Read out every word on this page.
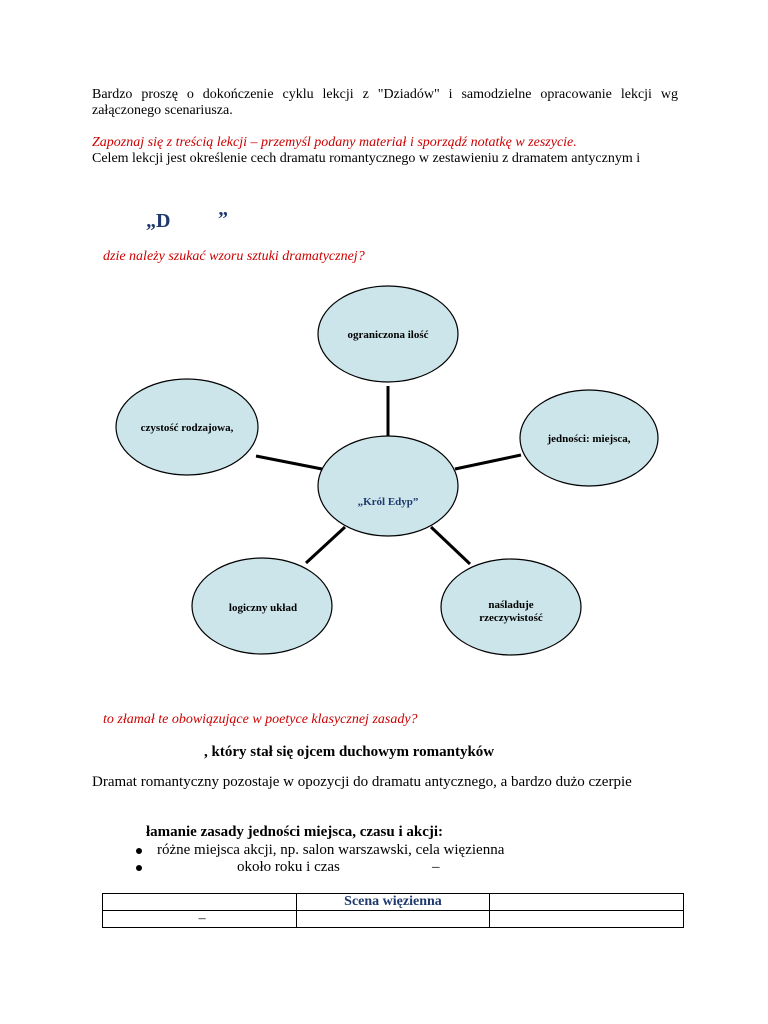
Bardzo proszę o dokończenie cyklu lekcji z "Dziadów" i samodzielne opracowanie lekcji wg
załączonego scenariusza.
Zapoznaj się z treścią lekcji – przemyśl podany materiał i sporządź notatkę w zeszycie.
Celem lekcji jest określenie cech dramatu romantycznego w zestawieniu z dramatem antycznym i
„D ”
dzie należy szukać wzoru sztuki dramatycznej?
ograniczona ilość
czystość rodzajowa,
jedności: miejsca,
„Król Edyp”
logiczny układ	naśladuje
rzeczywistość
to złamał te obowiązujące w poetyce klasycznej zasady?
, który stał się ojcem duchowym romantyków
Dramat romantyczny pozostaje w opozycji do dramatu antycznego, a bardzo dużo czerpie
łamanie zasady jedności miejsca, czasu i akcji:
różne miejsca akcji, np. salon warszawski, cela więzienna
około roku i czas	–
	Scena więzienna	
–		
